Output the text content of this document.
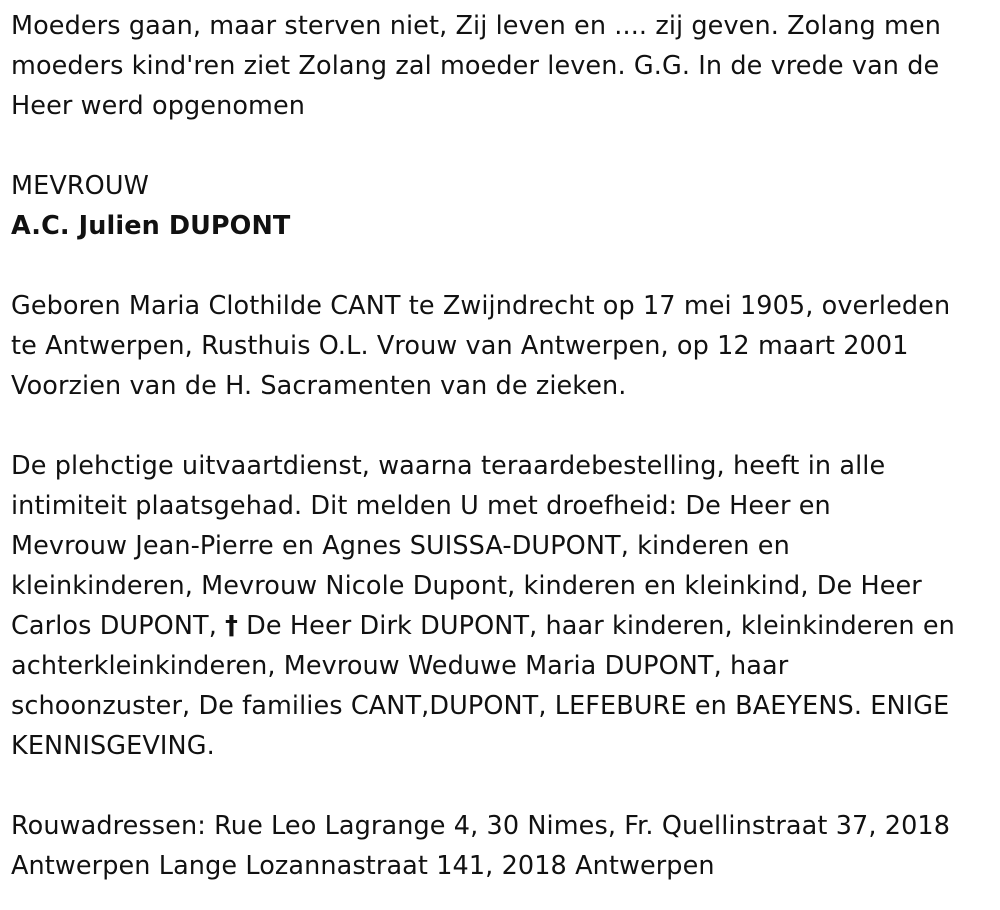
Moeders gaan, maar sterven niet, Zij leven en .... zij geven. Zolang men
moeders kind'ren ziet Zolang zal moeder leven. G.G. In de vrede van de
Heer werd opgenomen
MEVROUW
A.C. Julien DUPONT
Geboren Maria Clothilde CANT te Zwijndrecht op 17 mei 1905, overleden
te Antwerpen, Rusthuis O.L. Vrouw van Antwerpen, op 12 maart 2001
Voorzien van de H. Sacramenten van de zieken.
De plehctige uitvaartdienst, waarna teraardebestelling, heeft in alle
intimiteit plaatsgehad. Dit melden U met droefheid: De Heer en
Mevrouw Jean-Pierre en Agnes SUISSA-DUPONT, kinderen en
kleinkinderen, Mevrouw Nicole Dupont, kinderen en kleinkind, De Heer
Carlos DUPONT, † De Heer Dirk DUPONT, haar kinderen, kleinkinderen en
achterkleinkinderen, Mevrouw Weduwe Maria DUPONT, haar
schoonzuster, De families CANT,DUPONT, LEFEBURE en BAEYENS. ENIGE
KENNISGEVING.
Rouwadressen: Rue Leo Lagrange 4, 30 Nimes, Fr. Quellinstraat 37, 2018
Antwerpen Lange Lozannastraat 141, 2018 Antwerpen
